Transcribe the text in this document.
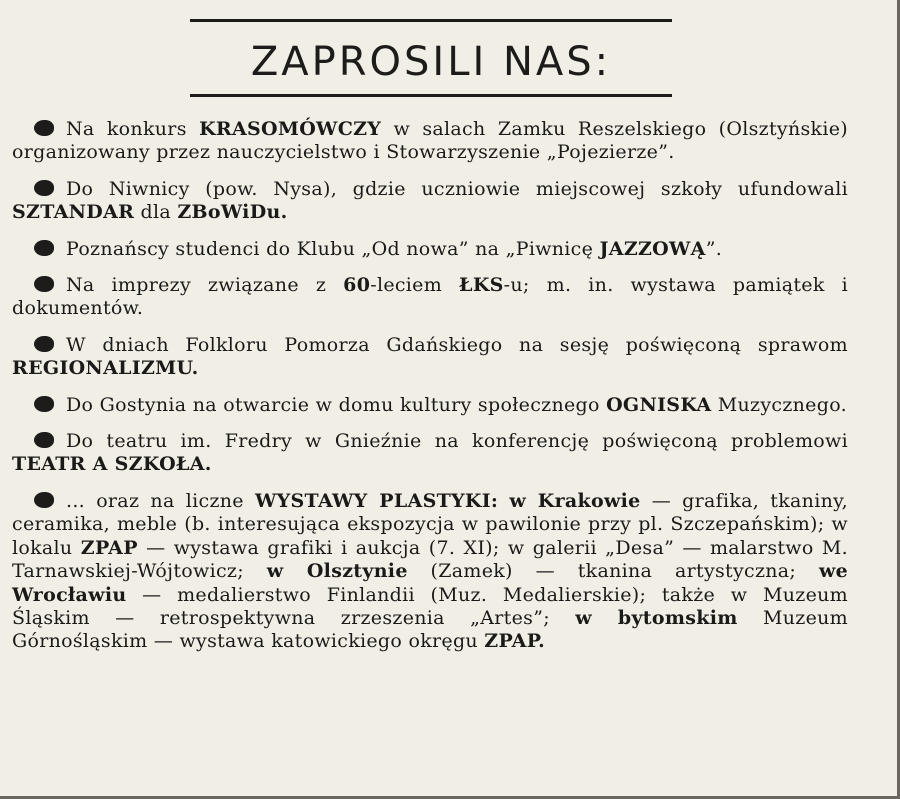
ZAPROSILI NAS:
Na konkurs KRASOMÓWCZY w salach Zamku Reszelskiego (Olsztyńskie) organizowany przez nauczycielstwo i Stowarzyszenie „Pojezierze”.
Do Niwnicy (pow. Nysa), gdzie uczniowie miejscowej szkoły ufundowali SZTANDAR dla ZBoWiDu.
Poznańscy studenci do Klubu „Od nowa” na „Piwnicę JAZZOWĄ”.
Na imprezy związane z 60-leciem ŁKS-u; m. in. wystawa pamiątek i dokumentów.
W dniach Folkloru Pomorza Gdańskiego na sesję poświęconą sprawom REGIONALIZMU.
Do Gostynia na otwarcie w domu kultury społecznego OGNISKA Muzycznego.
Do teatru im. Fredry w Gnieźnie na konferencję poświęconą problemowi TEATR A SZKOŁA.
... oraz na liczne WYSTAWY PLASTYKI: w Krakowie — grafika, tkaniny, ceramika, meble (b. interesująca ekspozycja w pawilonie przy pl. Szczepańskim); w lokalu ZPAP — wystawa grafiki i aukcja (7. XI); w galerii „Desa” — malarstwo M. Tarnawskiej-Wójtowicz; w Olsztynie (Zamek) — tkanina artystyczna; we Wrocławiu — medalierstwo Finlandii (Muz. Medalierskie); także w Muzeum Śląskim — retrospektywna zrzeszenia „Artes”; w bytomskim Muzeum Górnośląskim — wystawa katowickiego okręgu ZPAP.
